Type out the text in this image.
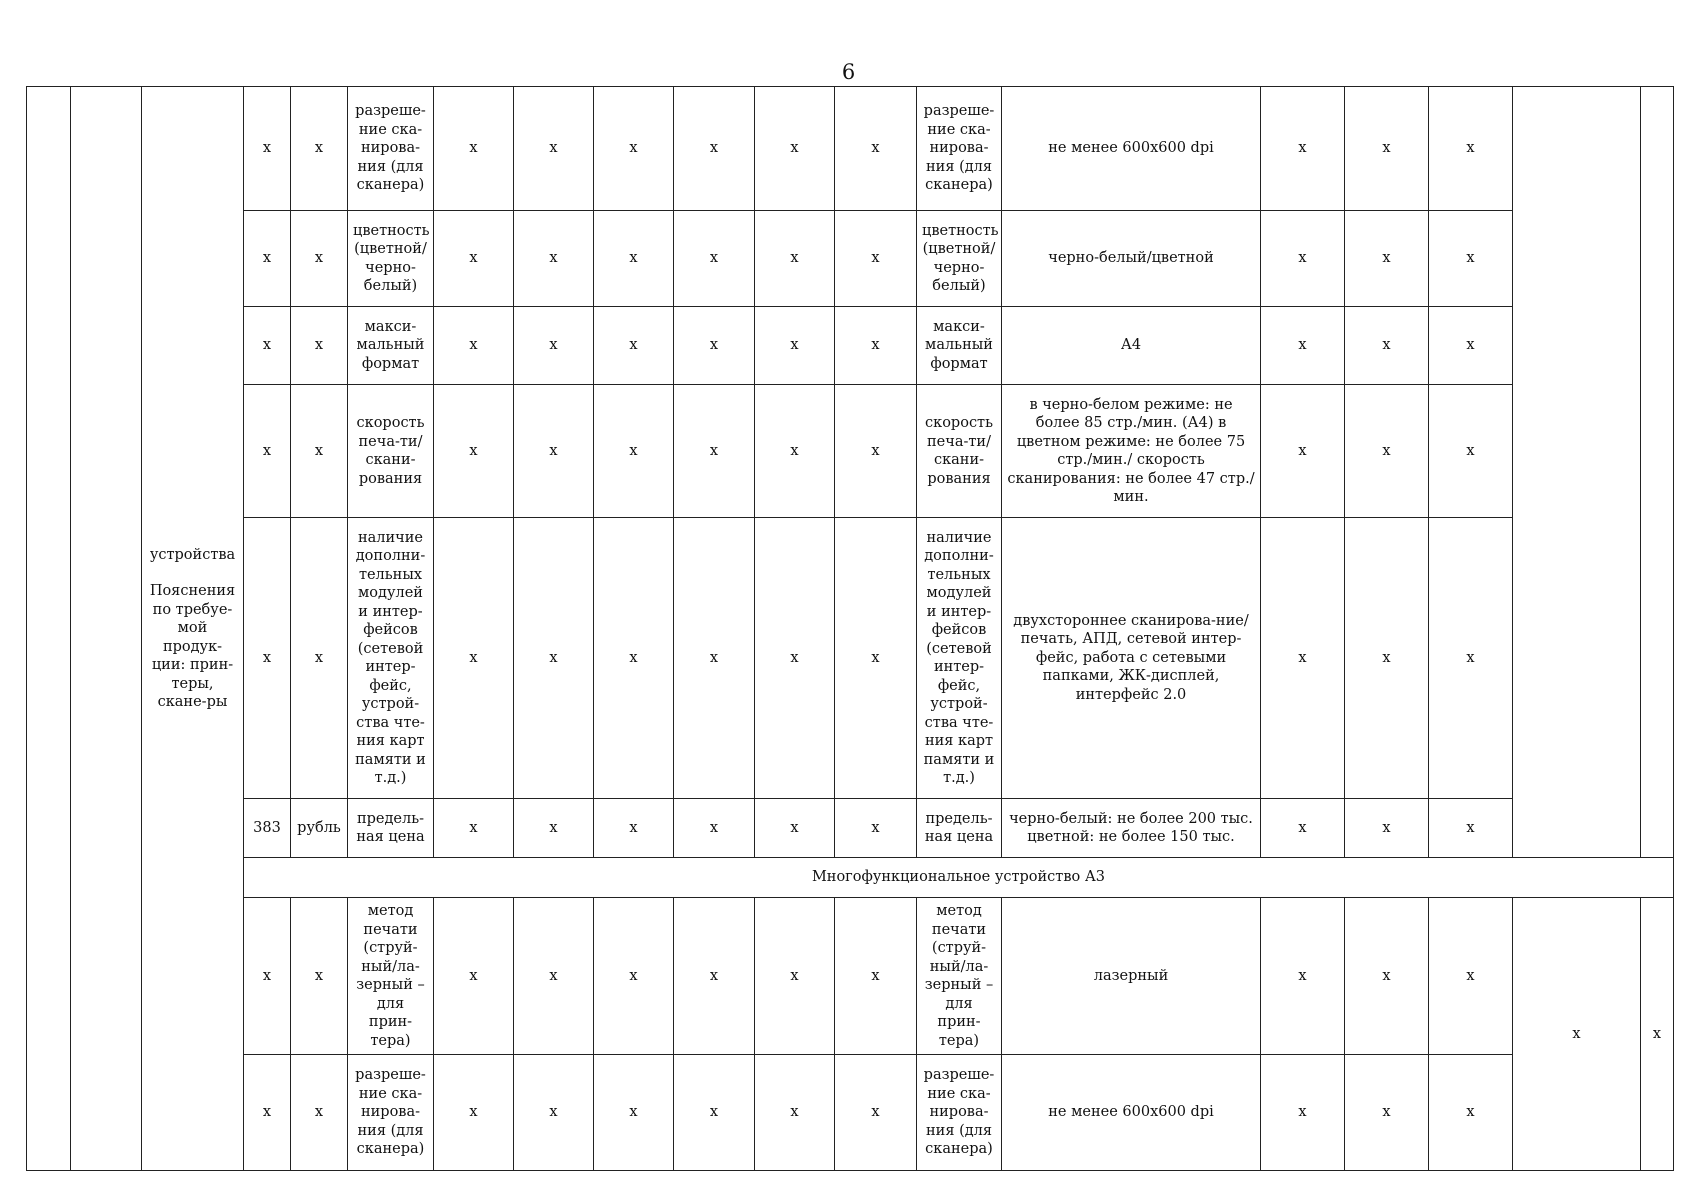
6
		устройства
Пояснения по требуе-мой продук-ции: прин-теры, скане-ры	x	x	разреше-ние ска-нирова-ния (для сканера)	x	x	x	x	x	x	разреше-ние ска-нирова-ния (для сканера)	не менее 600x600 dpi	x	x	x		
			x	x	цветность (цветной/ черно-белый)	x	x	x	x	x	x	цветность (цветной/ черно-белый)	черно-белый/цветной	x	x	x		
			x	x	макси-мальный формат	x	x	x	x	x	x	макси-мальный формат	А4	x	x	x		
			x	x	скорость печа-ти/скани-рования	x	x	x	x	x	x	скорость печа-ти/скани-рования	в черно-белом режиме: не более 85 стр./мин. (А4) в цветном режиме: не более 75 стр./мин./ скорость сканирования: не более 47 стр./мин.	x	x	x		
			x	x	наличие дополни-тельных модулей и интер-фейсов (сетевой интер-фейс, устрой-ства чте-ния карт памяти и т.д.)	x	x	x	x	x	x	наличие дополни-тельных модулей и интер-фейсов (сетевой интер-фейс, устрой-ства чте-ния карт памяти и т.д.)	двухстороннее сканирова-ние/печать, АПД, сетевой интер-фейс, работа с сетевыми папками, ЖК-дисплей, интерфейс 2.0	x	x	x		
			383	рубль	предель-ная цена	x	x	x	x	x	x	предель-ная цена	черно-белый: не более 200 тыс. цветной: не более 150 тыс.	x	x	x		
			Многофункциональное устройство А3															
			x	x	метод печати (струй-ный/ла-зерный – для прин-тера)	x	x	x	x	x	x	метод печати (струй-ный/ла-зерный – для прин-тера)	лазерный	x	x	x	x	x
			x	x	разреше-ние ска-нирова-ния (для сканера)	x	x	x	x	x	x	разреше-ние ска-нирова-ния (для сканера)	не менее 600x600 dpi	x	x	x		
